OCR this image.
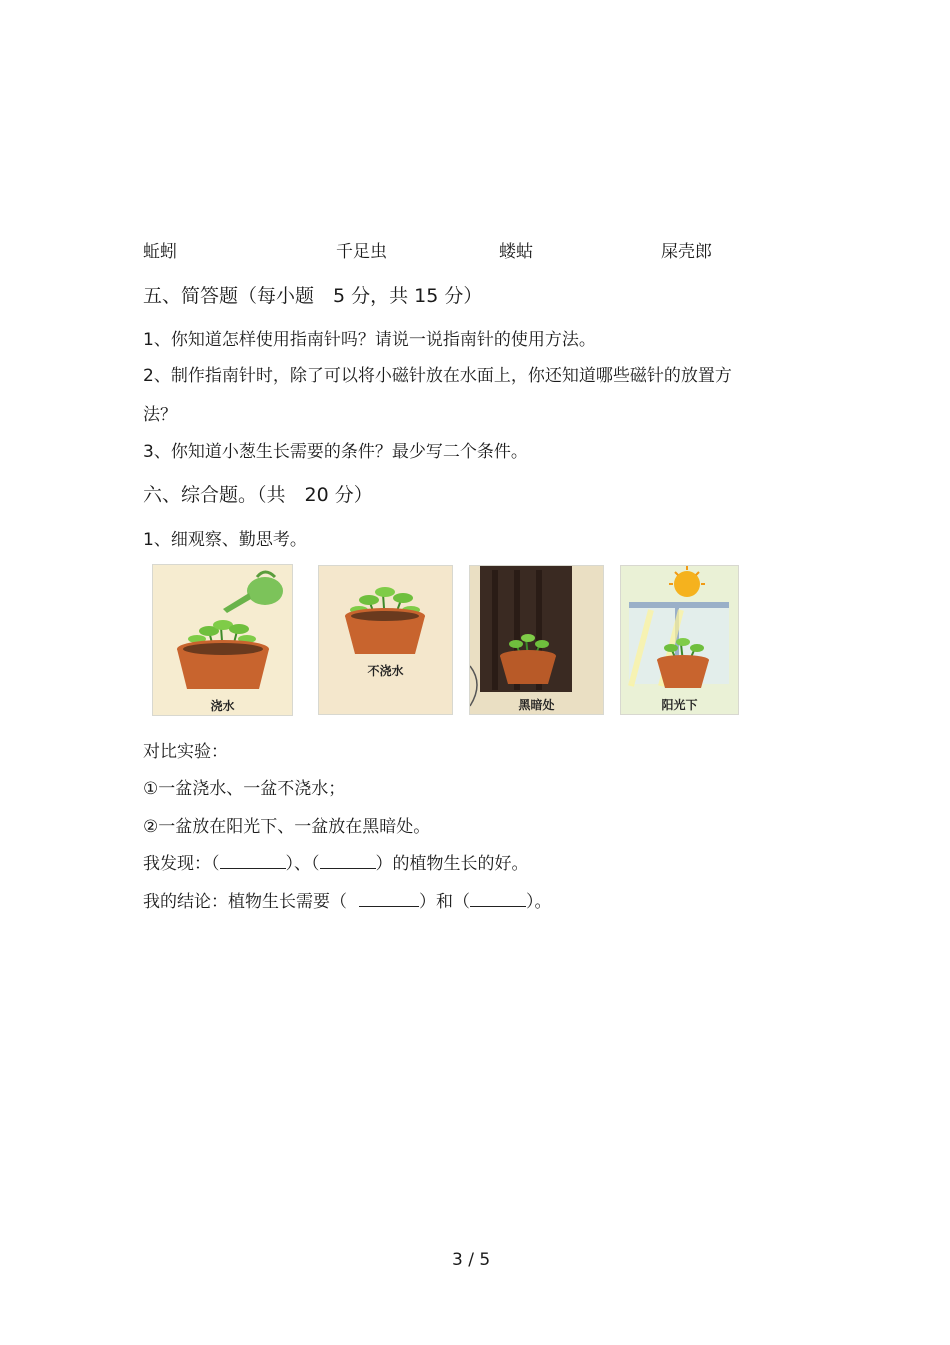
蚯蚓	千足虫	蝼蛄	屎壳郎
五、简答题（每小题　5 分，共 15 分）
1、你知道怎样使用指南针吗？请说一说指南针的使用方法。
2、制作指南针时，除了可以将小磁针放在水面上，你还知道哪些磁针的放置方
法？
3、你知道小葱生长需要的条件？最少写二个条件。
六、综合题。（共　20 分）
1、细观察、勤思考。
浇水
不浇水
黑暗处	阳光下
对比实验：
①一盆浇水、一盆不浇水；
②一盆放在阳光下、一盆放在黑暗处。
我发现：（	）、（	）的植物生长的好。
我的结论：植物生长需要（	）和（	）。
3 / 5
